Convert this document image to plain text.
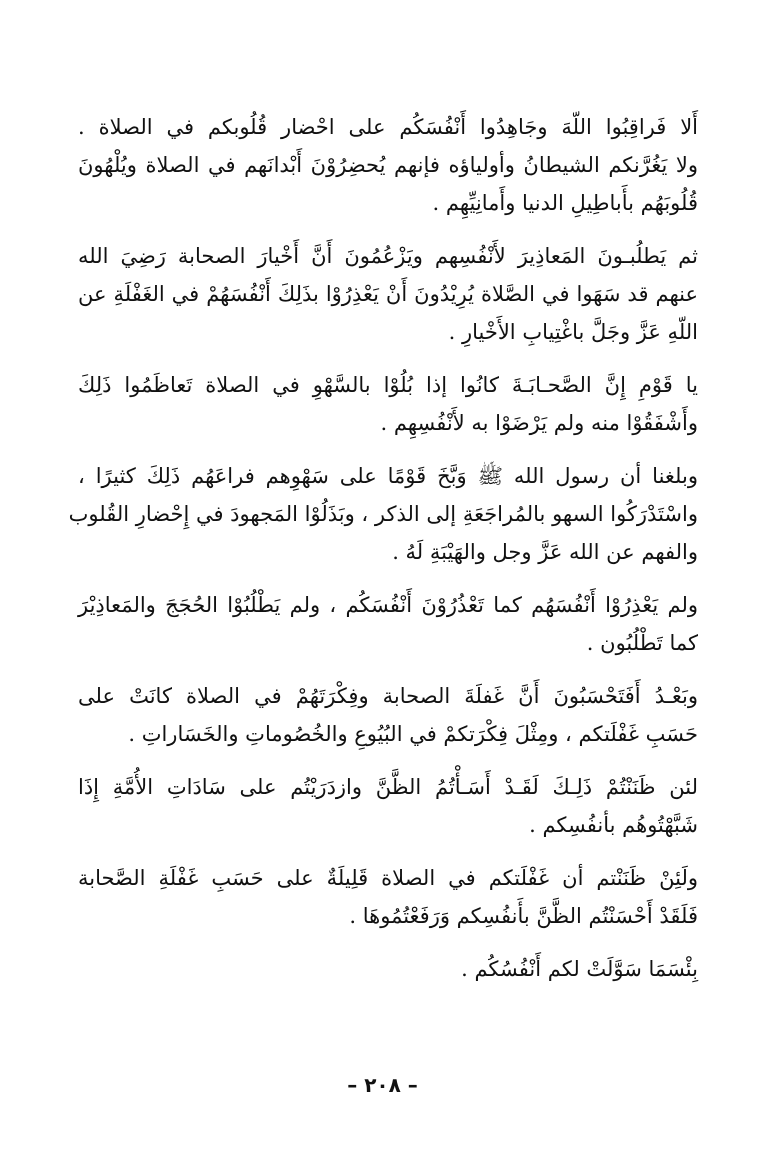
أَلا فَراقِبُوا اللّهَ وجَاهِدُوا أَنْفُسَكُم على احْضار قُلُوبكم في الصلاة .
ولا يَغُرَّنكم الشيطانُ وأولياؤه فإنهم يُحضِرُوْنَ أَبْدانَهم في الصلاة ويُلْهُونَ
قُلُوبَهُم بأَباطِيلِ الدنيا وأَمانِيِّهِم .
ثم يَطلُبـونَ المَعاذِيرَ لأَنْفُسِهم ويَزْعُمُونَ أَنَّ أَخْيارَ الصحابة رَضِيَ الله
عنهم قد سَهَوا في الصَّلاة يُرِيْدُونَ أَنْ يَعْذِرُوْا بذَلِكَ أَنْفُسَهُمْ في الغَفْلَةِ عن
اللّهِ عَزَّ وجَلَّ باغْتِيابِ الأَخْيارِ .
يا قَوْمِ إِنَّ الصَّحـابَـةَ كانُوا إذا بُلُوْا بالسَّهْوِ في الصلاة تَعاظَمُوا ذَلِكَ
وأَشْفَقُوْا منه ولم يَرْضَوْا به لأَنْفُسِهِم .
وبلغنا أن رسول الله ﷺ وَبَّخَ قَوْمًا على سَهْوِهم فراعَهُم ذَلِكَ كثيرًا ،
واسْتَدْرَكُوا السهو بالمُراجَعَةِ إلى الذكر ، وبَذَلُوْا المَجهودَ في إِحْضارِ القُلوب
والفهم عن الله عَزَّ وجل والهَيْبَةِ لَهُ .
ولم يَعْذِرُوْا أَنْفُسَهُم كما تَعْذُرُوْنَ أَنْفُسَكُم ، ولم يَطْلُبُوْا الحُجَجَ والمَعاذِيْرَ
كما تَطْلُبُون .
وبَعْـدُ أَفَتَحْسَبُونَ أَنَّ غَفلَةَ الصحابة وفِكْرَتَهُمْ في الصلاة كانَتْ على
حَسَبِ غَفْلَتكم ، ومِثْلَ فِكْرَتكمْ في البُيُوعِ والخُصُوماتِ والخَسَاراتِ .
لئن ظَنَنْتُمْ ذَلِـكَ لَقَـدْ أَسَـأْتُمُ الظَّنَّ وازدَرَيْتُم على سَادَاتِ الأُمَّةِ إِذَا
شَبَّهْتُوهُم بأنفُسِكم .
ولَئِنْ ظَنَنْتم أن غَفْلَتكم في الصلاة قَلِيلَةٌ على حَسَبِ غَفْلَةِ الصَّحابة
فَلَقَدْ أَحْسَنْتُم الظَّنَّ بأَنفُسِكم وَرَفَعْتُمُوهَا .
بِئْسَمَا سَوَّلَتْ لكم أَنْفُسُكُم .
– ٢٠٨ –
